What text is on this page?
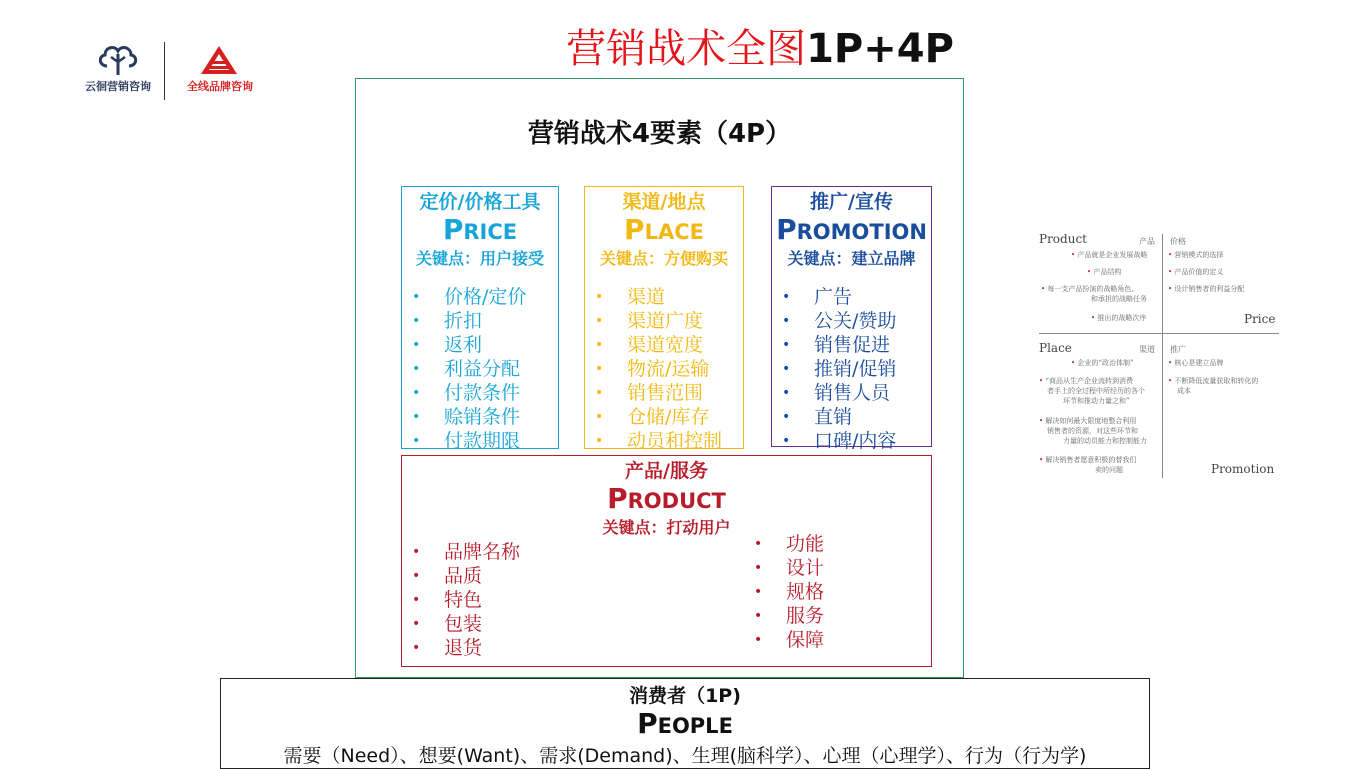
云徊营销咨询	全线品牌咨询
营销战术全图1P+4P
营销战术4要素（4P）
定价/价格工具
PRICE
关键点：用户接受
• 价格/定价
• 折扣
• 返利
• 利益分配
• 付款条件
• 赊销条件
• 付款期限
渠道/地点
PLACE
关键点：方便购买
• 渠道
• 渠道广度
• 渠道宽度
• 物流/运输
• 销售范围
• 仓储/库存
• 动员和控制
推广/宣传
PROMOTION
关键点：建立品牌
• 广告
• 公关/赞助
• 销售促进
• 推销/促销
• 销售人员
• 直销
• 口碑/内容
产品/服务
PRODUCT
关键点：打动用户
• 品牌名称
• 品质
• 特色
• 包装
• 退货
• 功能
• 设计
• 规格
• 服务
• 保障
消费者（1P)
PEOPLE
需要（Need）、想要(Want)、需求(Demand)、生理(脑科学）、心理（心理学）、行为（行为学)
Product	产品 价格
• 产品就是企业发展战略
• 产品结构
• 每一支产品扮演的战略角色、
和承担的战略任务
• 推出的战略次序
• 营销模式的选择
• 产品价值的定义
• 设计销售者的利益分配
Price
Place	渠道 推广
• 企业的“政治体制”
• “商品从生产企业流转到消费
者手上的全过程中所经历的各个
环节和推动力量之和”
• 解决如何最大限度地整合利用
销售者的资源，对这些环节和
力量的动员能力和控制能力
• 解决销售者愿意积极的替我们
卖的问题
• 核心是建立品牌
• 不断降低流量获取和转化的
成本
Promotion
